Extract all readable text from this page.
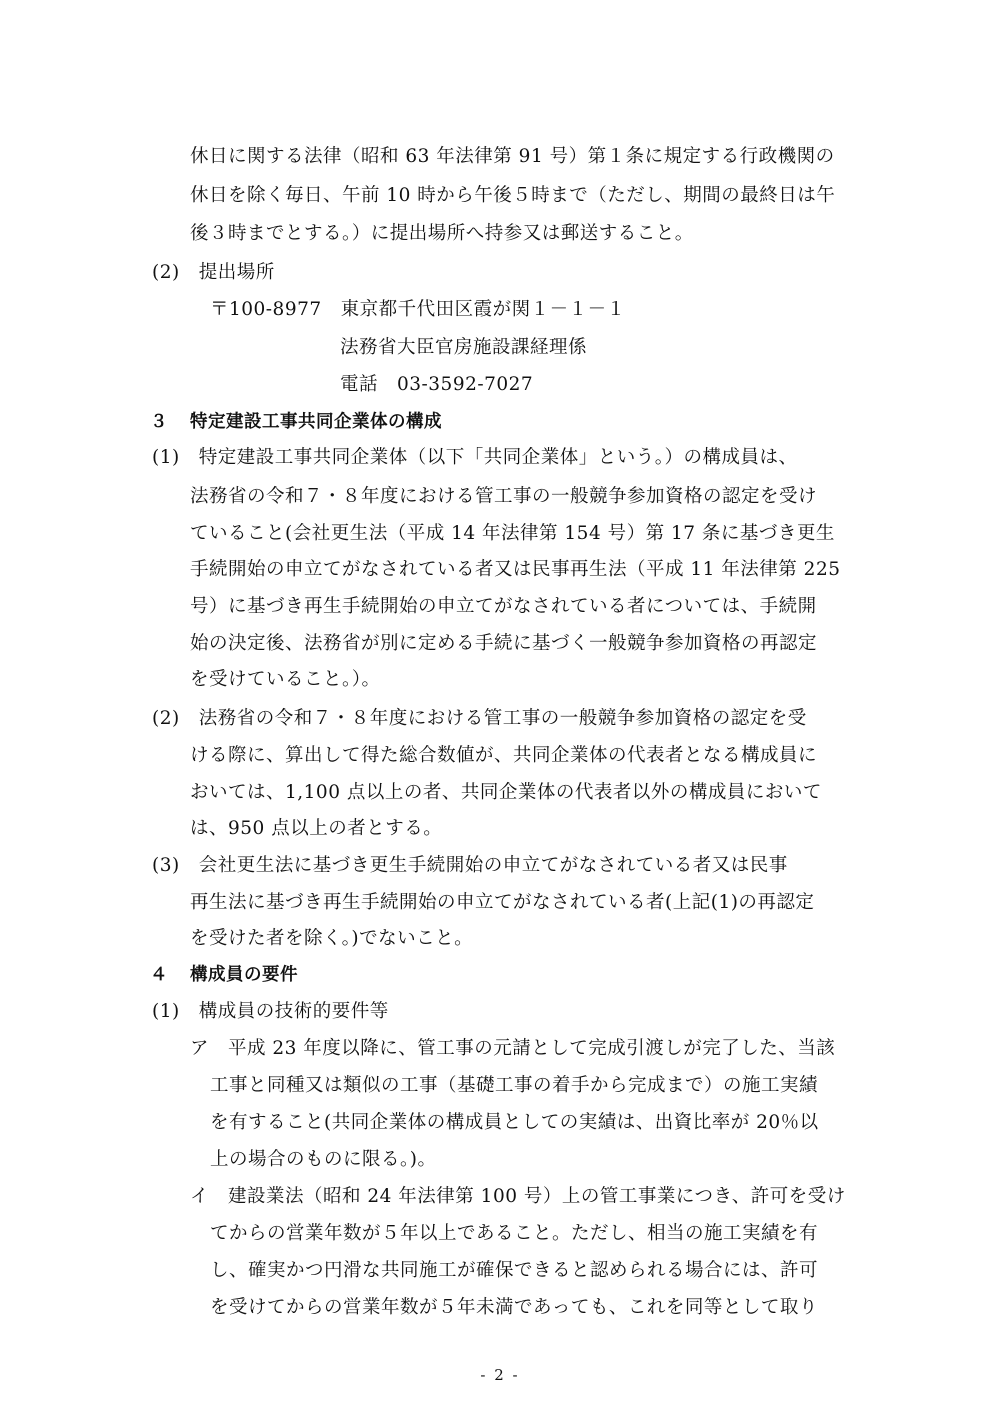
休日に関する法律（昭和 63 年法律第 91 号）第１条に規定する行政機関の
休日を除く毎日、午前 10 時から午後５時まで（ただし、期間の最終日は午
後３時までとする。）に提出場所へ持参又は郵送すること。
(2)　提出場所
〒100-8977　東京都千代田区霞が関１－１－１
法務省大臣官房施設課経理係
電話　03-3592-7027
３ 特定建設工事共同企業体の構成
(1)　特定建設工事共同企業体（以下「共同企業体」という。）の構成員は、
法務省の令和７・８年度における管工事の一般競争参加資格の認定を受け
ていること(会社更生法（平成 14 年法律第 154 号）第 17 条に基づき更生
手続開始の申立てがなされている者又は民事再生法（平成 11 年法律第 225
号）に基づき再生手続開始の申立てがなされている者については、手続開
始の決定後、法務省が別に定める手続に基づく一般競争参加資格の再認定
を受けていること。）。
(2)　法務省の令和７・８年度における管工事の一般競争参加資格の認定を受
ける際に、算出して得た総合数値が、共同企業体の代表者となる構成員に
おいては、1,100 点以上の者、共同企業体の代表者以外の構成員において
は、950 点以上の者とする。
(3)　会社更生法に基づき更生手続開始の申立てがなされている者又は民事
再生法に基づき再生手続開始の申立てがなされている者(上記(1)の再認定
を受けた者を除く。)でないこと。
４ 構成員の要件
(1)　構成員の技術的要件等
ア　平成 23 年度以降に、管工事の元請として完成引渡しが完了した、当該
工事と同種又は類似の工事（基礎工事の着手から完成まで）の施工実績
を有すること(共同企業体の構成員としての実績は、出資比率が 20％以
上の場合のものに限る。)。
イ　建設業法（昭和 24 年法律第 100 号）上の管工事業につき、許可を受け
てからの営業年数が５年以上であること。ただし、相当の施工実績を有
し、確実かつ円滑な共同施工が確保できると認められる場合には、許可
を受けてからの営業年数が５年未満であっても、これを同等として取り
- 2 -
